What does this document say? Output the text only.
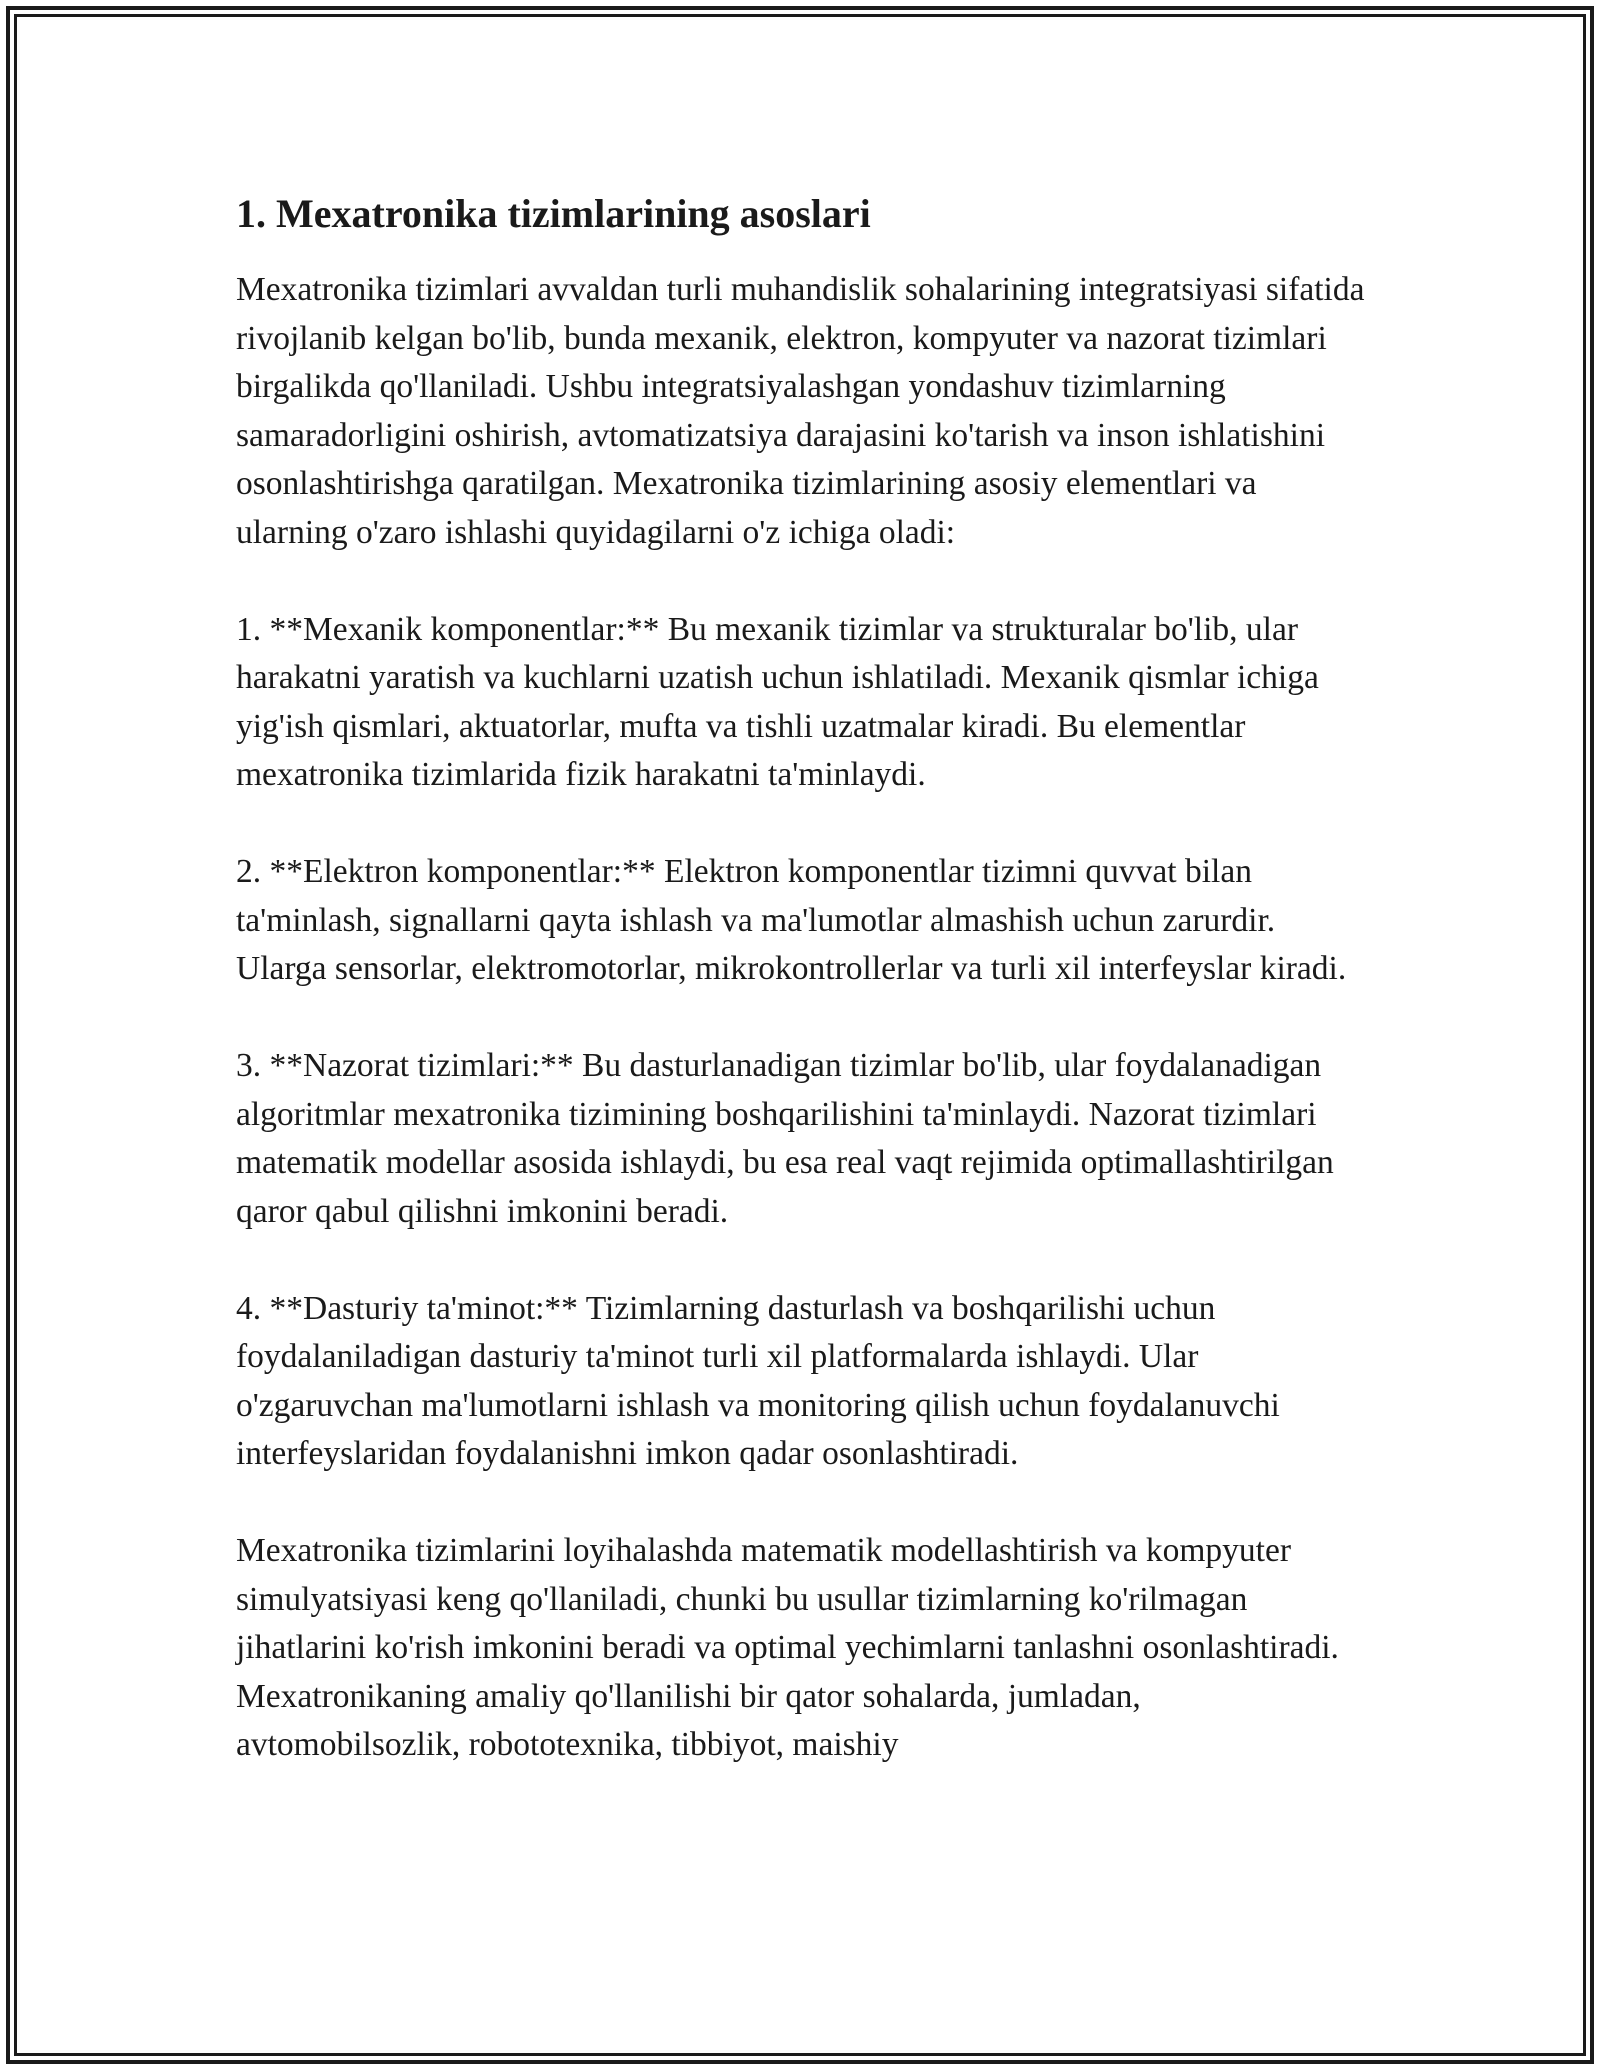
1. Mexatronika tizimlarining asoslari

Mexatronika tizimlari avvaldan turli muhandislik sohalarining integratsiyasi sifatida rivojlanib kelgan bo'lib, bunda mexanik, elektron, kompyuter va nazorat tizimlari birgalikda qo'llaniladi. Ushbu integratsiyalashgan yondashuv tizimlarning samaradorligini oshirish, avtomatizatsiya darajasini ko'tarish va inson ishlatishini osonlashtirishga qaratilgan. Mexatronika tizimlarining asosiy elementlari va ularning o'zaro ishlashi quyidagilarni o'z ichiga oladi:

1. **Mexanik komponentlar:** Bu mexanik tizimlar va strukturalar bo'lib, ular harakatni yaratish va kuchlarni uzatish uchun ishlatiladi. Mexanik qismlar ichiga yig'ish qismlari, aktuatorlar, mufta va tishli uzatmalar kiradi. Bu elementlar mexatronika tizimlarida fizik harakatni ta'minlaydi.

2. **Elektron komponentlar:** Elektron komponentlar tizimni quvvat bilan ta'minlash, signallarni qayta ishlash va ma'lumotlar almashish uchun zarurdir. Ularga sensorlar, elektromotorlar, mikrokontrollerlar va turli xil interfeyslar kiradi.

3. **Nazorat tizimlari:** Bu dasturlanadigan tizimlar bo'lib, ular foydalanadigan algoritmlar mexatronika tizimining boshqarilishini ta'minlaydi. Nazorat tizimlari matematik modellar asosida ishlaydi, bu esa real vaqt rejimida optimallashtirilgan qaror qabul qilishni imkonini beradi.

4. **Dasturiy ta'minot:** Tizimlarning dasturlash va boshqarilishi uchun foydalaniladigan dasturiy ta'minot turli xil platformalarda ishlaydi. Ular o'zgaruvchan ma'lumotlarni ishlash va monitoring qilish uchun foydalanuvchi interfeyslaridan foydalanishni imkon qadar osonlashtiradi.

Mexatronika tizimlarini loyihalashda matematik modellashtirish va kompyuter simulyatsiyasi keng qo'llaniladi, chunki bu usullar tizimlarning ko'rilmagan jihatlarini ko'rish imkonini beradi va optimal yechimlarni tanlashni osonlashtiradi. Mexatronikaning amaliy qo'llanilishi bir qator sohalarda, jumladan, avtomobilsozlik, robototexnika, tibbiyot, maishiy
